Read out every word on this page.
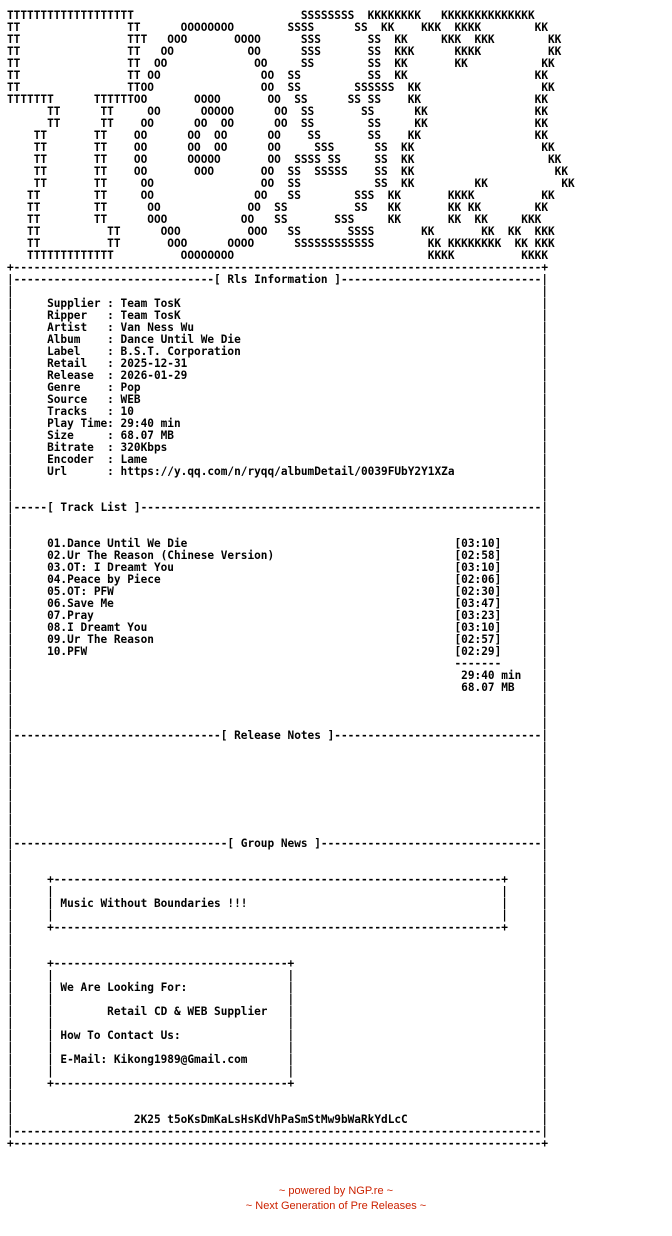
TTTTTTTTTTTTTTTTTTT                         SSSSSSSS  KKKKKKKK   KKKKKKKKKKKKKK
TT                TT      OOOOOOOO        SSSS      SS  KK    KKK  KKKK        KK
TT                TTT   OOO       OOOO      SSS       SS  KK     KKK  KKK        KK
TT                TT   OO           OO      SSS       SS  KKK      KKKK          KK
TT                TT  OO             OO     SS        SS  KK       KK           KK
TT                TT OO               OO  SS          SS  KK                   KK
TT                TTOO                OO  SS        SSSSSS  KK                  KK
TTTTTTT      TTTTTTOO       OOOO       OO  SS      SS SS    KK                 KK
TT      TT     OO      OOOOO      OO  SS       SS      KK                KK
TT      TT    OO      OO  OO      OO  SS        SS     KK                KK
TT       TT    OO      OO  OO      OO    SS       SS    KK                 KK
TT       TT    OO      OO  OO      OO     SSS      SS  KK                   KK
TT       TT    OO      OOOOO       OO  SSSS SS     SS  KK                    KK
TT       TT    OO       OOO       OO  SS  SSSSS    SS  KK                     KK
TT       TT     OO                OO  SS           SS  KK         KK           KK
TT        TT     OO               OO   SS        SSS  KK       KKKK          KK
TT        TT      OO             OO  SS          SS   KK       KK KK        KK
TT        TT      OOO           OO   SS       SSS     KK       KK  KK     KKK
TT          TT      OOO          OOO   SS       SSSS       KK       KK  KK  KKK
TT          TT       OOO      OOOO      SSSSSSSSSSSS        KK KKKKKKKK  KK KKK
TTTTTTTTTTTTT          OOOOOOOO                             KKKK          KKKK
+-------------------------------------------------------------------------------+
|------------------------------[ Rls Information ]------------------------------|
|                                                                               |
|     Supplier : Team TosK                                                      |
|     Ripper   : Team TosK                                                      |
|     Artist   : Van Ness Wu                                                    |
|     Album    : Dance Until We Die                                             |
|     Label    : B.S.T. Corporation                                             |
|     Retail   : 2025-12-31                                                     |
|     Release  : 2026-01-29                                                     |
|     Genre    : Pop                                                            |
|     Source   : WEB                                                            |
|     Tracks   : 10                                                             |
|     Play Time: 29:40 min                                                      |
|     Size     : 68.07 MB                                                       |
|     Bitrate  : 320Kbps                                                        |
|     Encoder  : Lame                                                           |
|     Url      : https://y.qq.com/n/ryqq/albumDetail/0039FUbY2Y1XZa             |
|                                                                               |
|                                                                               |
|-----[ Track List ]------------------------------------------------------------|
|                                                                               |
|                                                                               |
|     01.Dance Until We Die                                        [03:10]      |
|     02.Ur The Reason (Chinese Version)                           [02:58]      |
|     03.OT: I Dreamt You                                          [03:10]      |
|     04.Peace by Piece                                            [02:06]      |
|     05.OT: PFW                                                   [02:30]      |
|     06.Save Me                                                   [03:47]      |
|     07.Pray                                                      [03:23]      |
|     08.I Dreamt You                                              [03:10]      |
|     09.Ur The Reason                                             [02:57]      |
|     10.PFW                                                       [02:29]      |
|                                                                  -------      |
|                                                                   29:40 min   |
|                                                                   68.07 MB    |
|                                                                               |
|                                                                               |
|                                                                               |
|-------------------------------[ Release Notes ]-------------------------------|
|                                                                               |
|                                                                               |
|                                                                               |
|                                                                               |
|                                                                               |
|                                                                               |
|                                                                               |
|                                                                               |
|--------------------------------[ Group News ]---------------------------------|
|                                                                               |
|                                                                               |
|     +-------------------------------------------------------------------+     |
|     |                                                                   |     |
|     | Music Without Boundaries !!!                                      |     |
|     |                                                                   |     |
|     +-------------------------------------------------------------------+     |
|                                                                               |
|                                                                               |
|     +-----------------------------------+                                     |
|     |                                   |                                     |
|     | We Are Looking For:               |                                     |
|     |                                   |                                     |
|     |        Retail CD & WEB Supplier   |                                     |
|     |                                   |                                     |
|     | How To Contact Us:                |                                     |
|     |                                   |                                     |
|     | E-Mail: Kikong1989@Gmail.com      |                                     |
|     |                                   |                                     |
|     +-----------------------------------+                                     |
|                                                                               |
|                                                                               |
|                  2K25 t5oKsDmKaLsHsKdVhPaSmStMw9bWaRkYdLcC                    |
|-------------------------------------------------------------------------------|
+-------------------------------------------------------------------------------+
~ powered by NGP.re ~
~ Next Generation of Pre Releases ~
